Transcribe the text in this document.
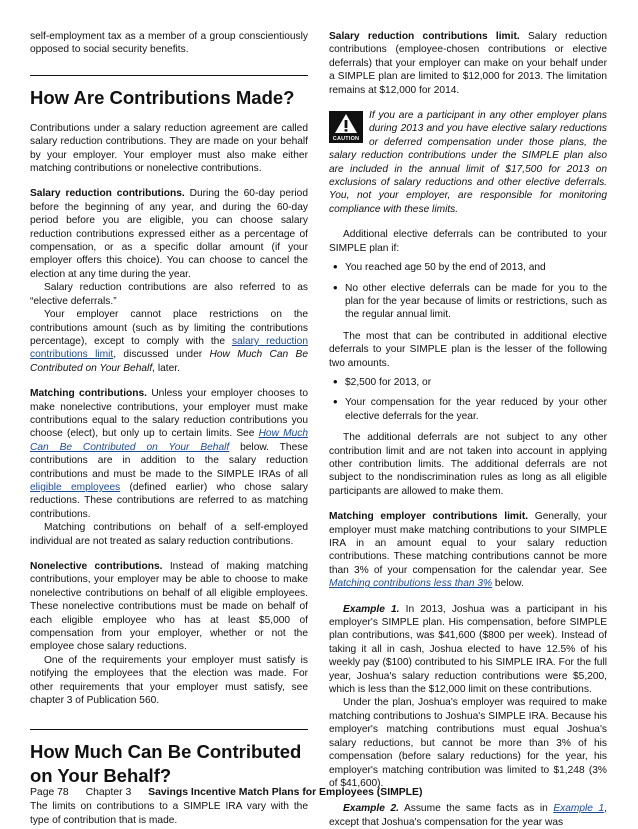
self-employment tax as a member of a group conscientiously opposed to social security benefits.

How Are Contributions Made?

Contributions under a salary reduction agreement are called salary reduction contributions. They are made on your behalf by your employer. Your employer must also make either matching contributions or nonelective contributions.

Salary reduction contributions. During the 60-day period before the beginning of any year, and during the 60-day period before you are eligible, you can choose salary reduction contributions expressed either as a percentage of compensation, or as a specific dollar amount (if your employer offers this choice). You can choose to cancel the election at any time during the year.

Salary reduction contributions are also referred to as “elective deferrals.”

Your employer cannot place restrictions on the contributions amount (such as by limiting the contributions percentage), except to comply with the salary reduction contributions limit, discussed under How Much Can Be Contributed on Your Behalf, later.

Matching contributions. Unless your employer chooses to make nonelective contributions, your employer must make contributions equal to the salary reduction contributions you choose (elect), but only up to certain limits. See How Much Can Be Contributed on Your Behalf below. These contributions are in addition to the salary reduction contributions and must be made to the SIMPLE IRAs of all eligible employees (defined earlier) who chose salary reductions. These contributions are referred to as matching contributions.

Matching contributions on behalf of a self-employed individual are not treated as salary reduction contributions.

Nonelective contributions. Instead of making matching contributions, your employer may be able to choose to make nonelective contributions on behalf of all eligible employees. These nonelective contributions must be made on behalf of each eligible employee who has at least $5,000 of compensation from your employer, whether or not the employee chose salary reductions.

One of the requirements your employer must satisfy is notifying the employees that the election was made. For other requirements that your employer must satisfy, see chapter 3 of Publication 560.

How Much Can Be Contributed on Your Behalf?

The limits on contributions to a SIMPLE IRA vary with the type of contribution that is made.

Salary reduction contributions limit. Salary reduction contributions (employee-chosen contributions or elective deferrals) that your employer can make on your behalf under a SIMPLE plan are limited to $12,000 for 2013. The limitation remains at $12,000 for 2014.

CAUTION

If you are a participant in any other employer plans during 2013 and you have elective salary reductions or deferred compensation under those plans, the salary reduction contributions under the SIMPLE plan also are included in the annual limit of $17,500 for 2013 on exclusions of salary reductions and other elective deferrals. You, not your employer, are responsible for monitoring compliance with these limits.

Additional elective deferrals can be contributed to your SIMPLE plan if:

• You reached age 50 by the end of 2013, and
• No other elective deferrals can be made for you to the plan for the year because of limits or restrictions, such as the regular annual limit.

The most that can be contributed in additional elective deferrals to your SIMPLE plan is the lesser of the following two amounts.

• $2,500 for 2013, or
• Your compensation for the year reduced by your other elective deferrals for the year.

The additional deferrals are not subject to any other contribution limit and are not taken into account in applying other contribution limits. The additional deferrals are not subject to the nondiscrimination rules as long as all eligible participants are allowed to make them.

Matching employer contributions limit. Generally, your employer must make matching contributions to your SIMPLE IRA in an amount equal to your salary reduction contributions. These matching contributions cannot be more than 3% of your compensation for the calendar year. See Matching contributions less than 3% below.

Example 1. In 2013, Joshua was a participant in his employer's SIMPLE plan. His compensation, before SIMPLE plan contributions, was $41,600 ($800 per week). Instead of taking it all in cash, Joshua elected to have 12.5% of his weekly pay ($100) contributed to his SIMPLE IRA. For the full year, Joshua's salary reduction contributions were $5,200, which is less than the $12,000 limit on these contributions.

Under the plan, Joshua's employer was required to make matching contributions to Joshua's SIMPLE IRA. Because his employer's matching contributions must equal Joshua's salary reductions, but cannot be more than 3% of his compensation (before salary reductions) for the year, his employer's matching contribution was limited to $1,248 (3% of $41,600).

Example 2. Assume the same facts as in Example 1, except that Joshua's compensation for the year was

Page 78 Chapter 3 Savings Incentive Match Plans for Employees (SIMPLE)
